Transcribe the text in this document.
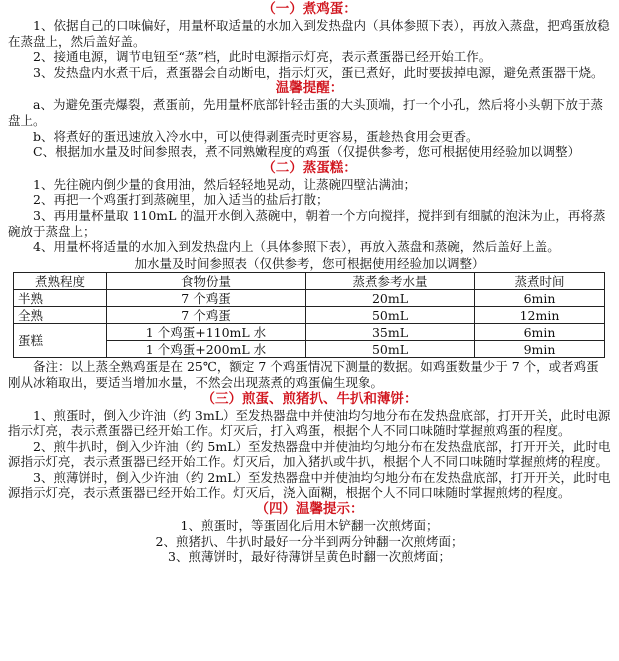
（一）煮鸡蛋：

1、依据自己的口味偏好，用量杯取适量的水加入到发热盘内（具体参照下表），再放入蒸盘，把鸡蛋放稳在蒸盘上，然后盖好盖。

2、接通电源，调节电钮至“蒸”档，此时电源指示灯亮，表示煮蛋器已经开始工作。

3、发热盘内水煮干后，煮蛋器会自动断电，指示灯灭，蛋已煮好，此时要拔掉电源，避免煮蛋器干烧。

温馨提醒：

a、为避免蛋壳爆裂，煮蛋前，先用量杯底部针轻击蛋的大头顶端，打一个小孔，然后将小头朝下放于蒸盘上。

b、将煮好的蛋迅速放入冷水中，可以使得剥蛋壳时更容易，蛋趁热食用会更香。

C、根据加水量及时间参照表，煮不同熟嫩程度的鸡蛋（仅提供参考，您可根据使用经验加以调整）

（二）蒸蛋糕：

1、先往碗内倒少量的食用油，然后轻轻地晃动，让蒸碗四壁沾满油；

2、再把一个鸡蛋打到蒸碗里，加入适当的盐后打散；

3、再用量杯量取 110mL 的温开水倒入蒸碗中，朝着一个方向搅拌，搅拌到有细腻的泡沫为止，再将蒸碗放于蒸盘上；

4、用量杯将适量的水加入到发热盘内上（具体参照下表），再放入蒸盘和蒸碗，然后盖好上盖。

加水量及时间参照表（仅供参考，您可根据使用经验加以调整）
煮熟程度	食物份量	蒸煮参考水量	蒸煮时间
半熟	7 个鸡蛋	20mL	6min
全熟	7 个鸡蛋	50mL	12min
蛋糕	1 个鸡蛋+110mL 水	35mL	6min
	1 个鸡蛋+200mL 水	50mL	9min

备注：以上蒸全熟鸡蛋是在 25℃，额定 7 个鸡蛋情况下测量的数据。如鸡蛋数量少于 7 个，或者鸡蛋刚从冰箱取出，要适当增加水量，不然会出现蒸煮的鸡蛋偏生现象。

（三）煎蛋、煎猪扒、牛扒和薄饼：

1、煎蛋时，倒入少许油（约 3mL）至发热器盘中并使油均匀地分布在发热盘底部，打开开关，此时电源指示灯亮，表示煮蛋器已经开始工作。灯灭后，打入鸡蛋，根据个人不同口味随时掌握煎鸡蛋的程度。

2、煎牛扒时，倒入少许油（约 5mL）至发热器盘中并使油均匀地分布在发热盘底部，打开开关，此时电源指示灯亮，表示煮蛋器已经开始工作。灯灭后，加入猪扒或牛扒，根据个人不同口味随时掌握煎烤的程度。

3、煎薄饼时，倒入少许油（约 2mL）至发热器盘中并使油均匀地分布在发热盘底部，打开开关，此时电源指示灯亮，表示煮蛋器已经开始工作。灯灭后，浇入面糊，根据个人不同口味随时掌握煎烤的程度。

（四）温馨提示：

1、煎蛋时，等蛋固化后用木铲翻一次煎烤面；

2、煎猪扒、牛扒时最好一分半到两分钟翻一次煎烤面；

3、煎薄饼时，最好待薄饼呈黄色时翻一次煎烤面；
